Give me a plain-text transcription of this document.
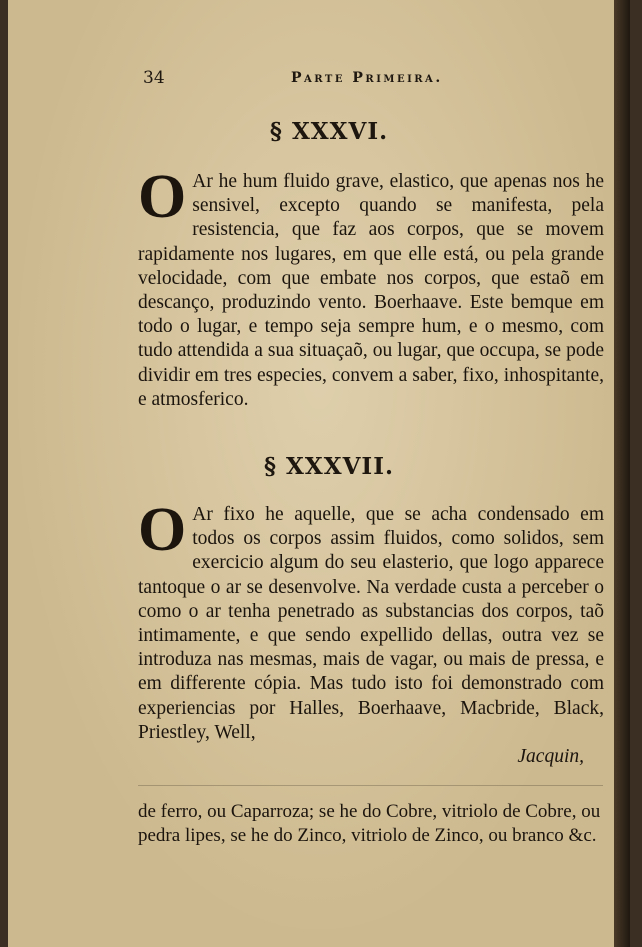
34	Parte Primeira.
§ XXXVI.
O Ar he hum fluido grave, elastico, que apenas nos he sensivel, excepto quando se manifesta, pela resistencia, que faz aos corpos, que se movem rapidamente nos lugares, em que elle está, ou pela grande velocidade, com que embate nos corpos, que estaõ em descanço, produzindo vento. Boerhaave. Este bemque em todo o lugar, e tempo seja sempre hum, e o mesmo, com tudo attendida a sua situaçaõ, ou lugar, que occupa, se pode dividir em tres especies, convem a saber, fixo, inhospitante, e atmosferico.
§ XXXVII.
O Ar fixo he aquelle, que se acha condensado em todos os corpos assim fluidos, como solidos, sem exercicio algum do seu elasterio, que logo apparece tantoque o ar se desenvolve. Na verdade custa a perceber o como o ar tenha penetrado as substancias dos corpos, taõ intimamente, e que sendo expellido dellas, outra vez se introduza nas mesmas, mais de vagar, ou mais de pressa, e em differente cópia. Mas tudo isto foi demonstrado com experiencias por Halles, Boerhaave, Macbride, Black, Priestley, Well,
Jacquin,
de ferro, ou Caparroza; se he do Cobre, vitriolo de Cobre, ou pedra lipes, se he do Zinco, vitriolo de Zinco, ou branco &c.
